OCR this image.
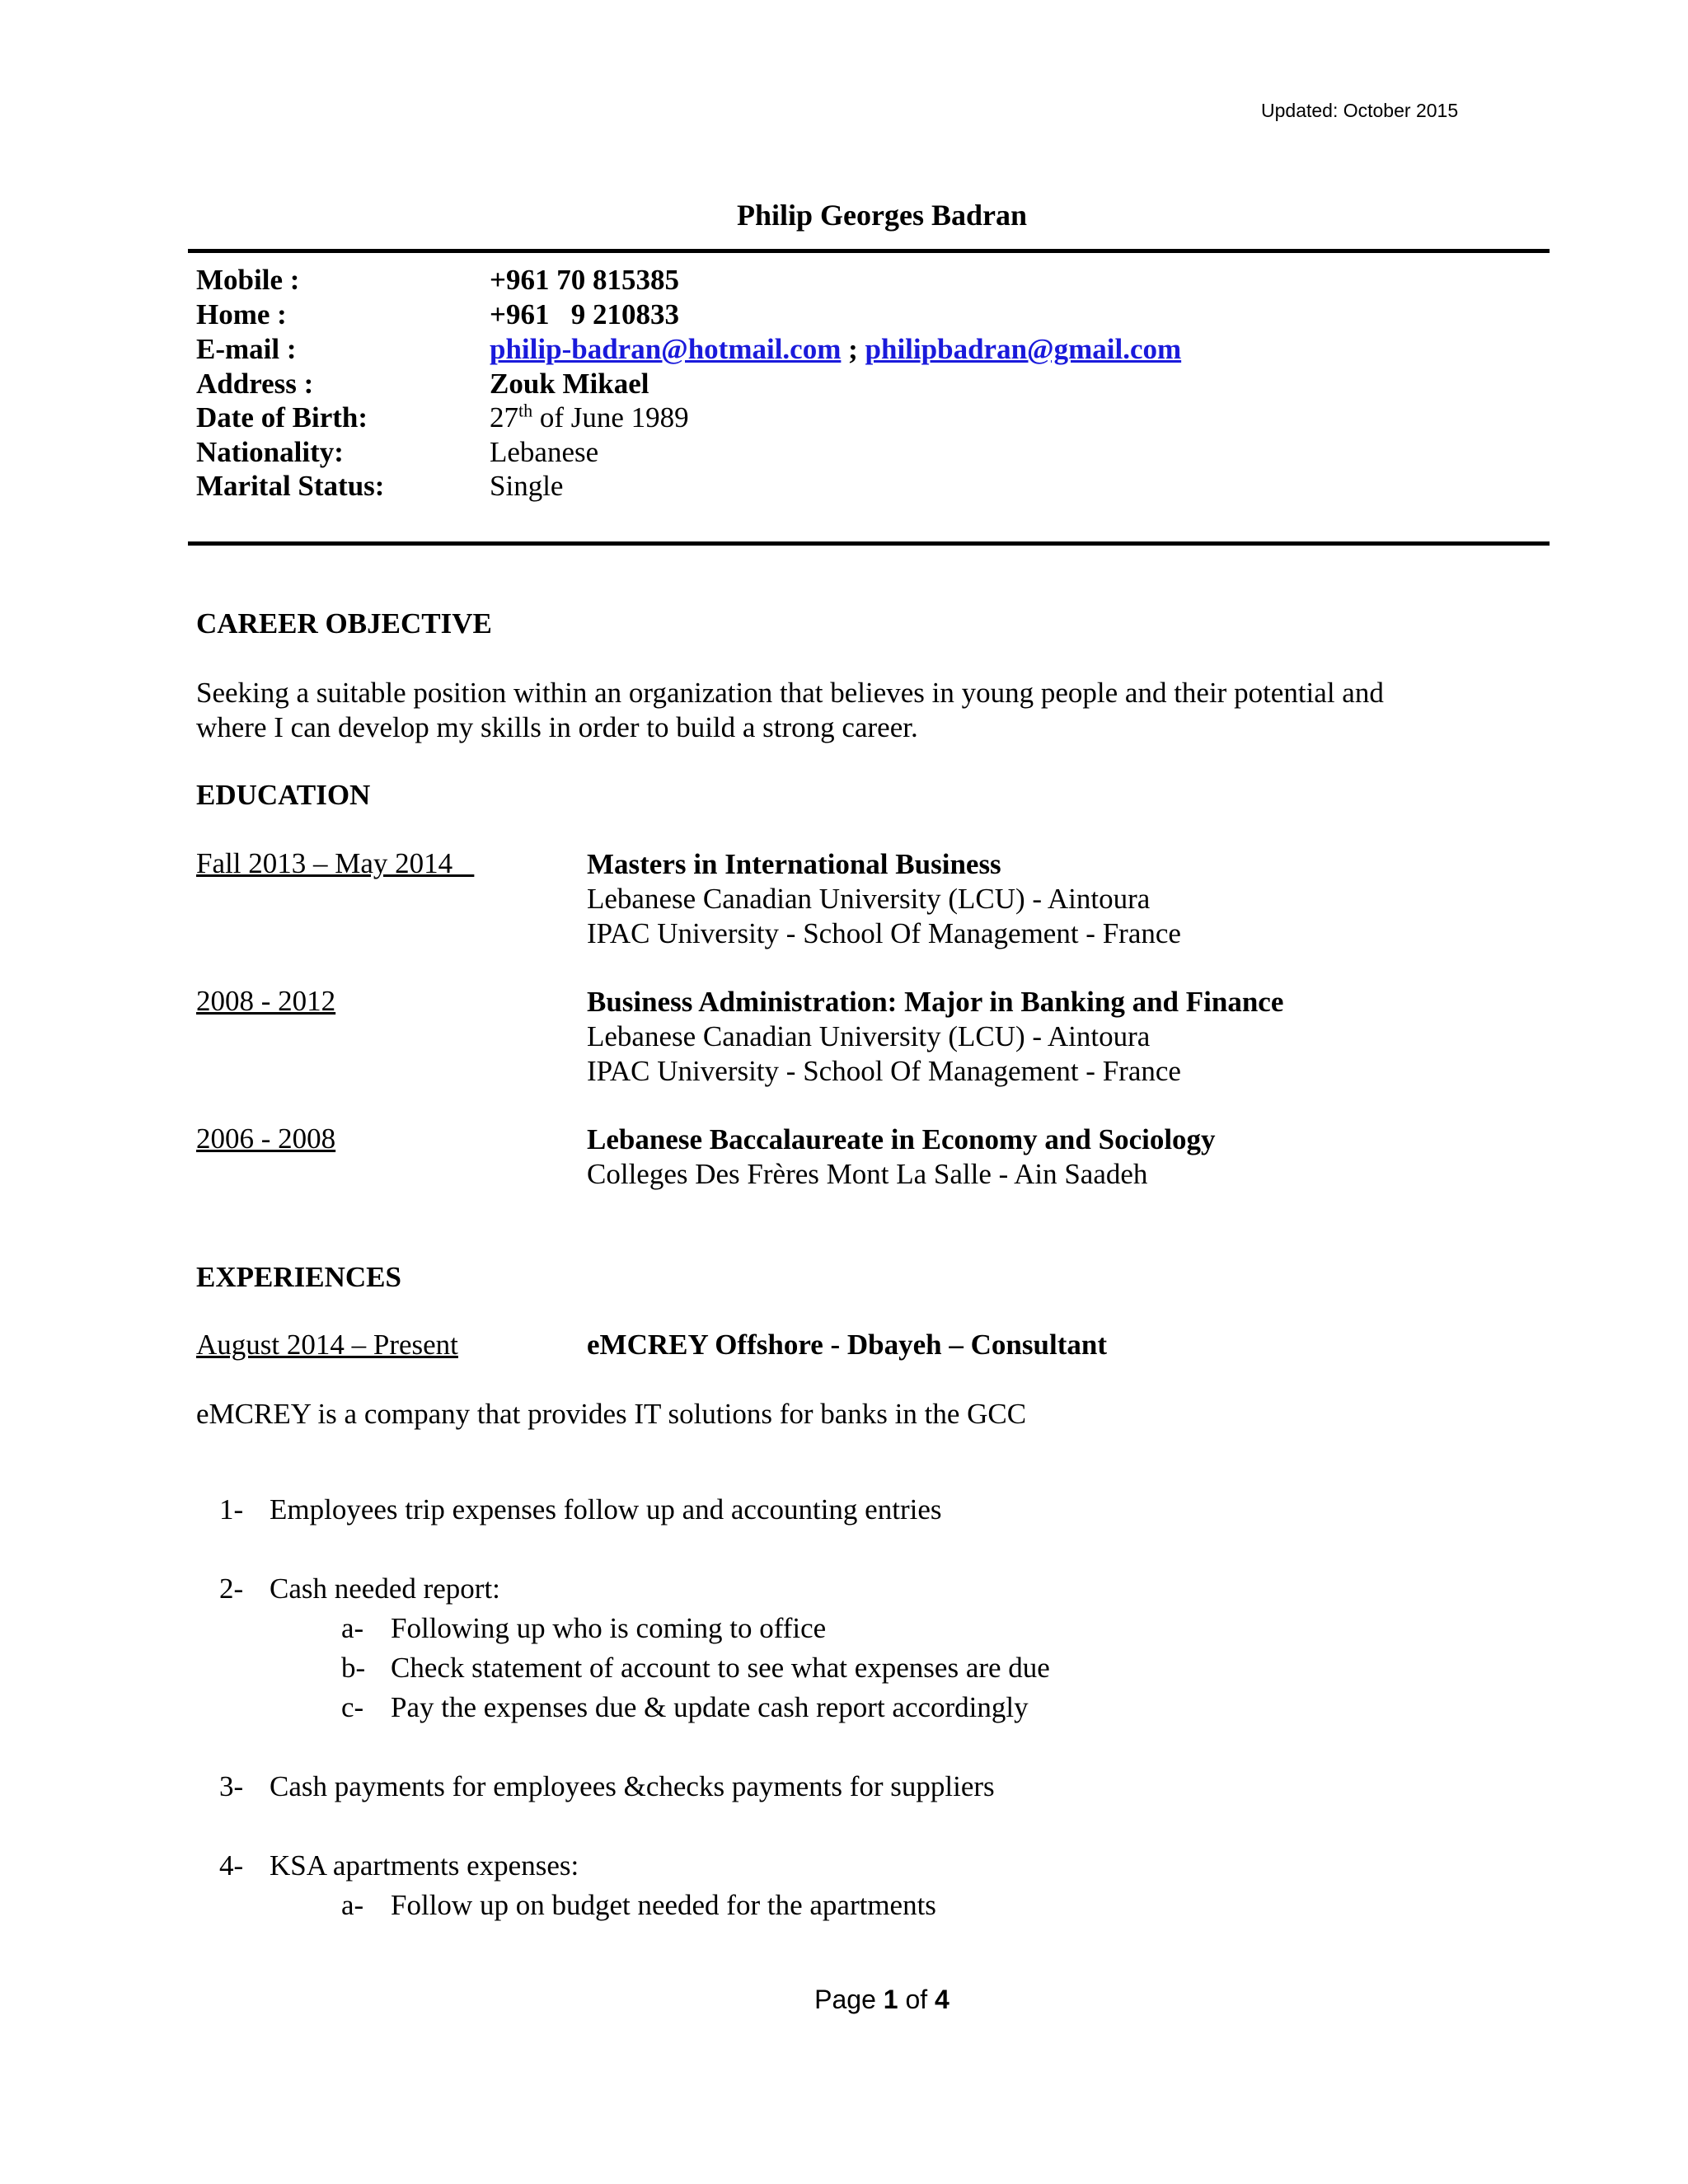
Updated: October 2015
Philip Georges Badran
Mobile :	+961 70 815385
Home :	+961   9 210833
E-mail :	philip-badran@hotmail.com ; philipbadran@gmail.com
Address :	Zouk Mikael
Date of Birth:	27th of June 1989
Nationality:	Lebanese
Marital Status:	Single
CAREER OBJECTIVE
Seeking a suitable position within an organization that believes in young people and their potential and
where I can develop my skills in order to build a strong career.
EDUCATION
Fall 2013 – May 2014	Masters in International Business
Lebanese Canadian University (LCU) - Aintoura
IPAC University - School Of Management - France
2008 - 2012	Business Administration: Major in Banking and Finance
Lebanese Canadian University (LCU) - Aintoura
IPAC University - School Of Management - France
2006 - 2008	Lebanese Baccalaureate in Economy and Sociology
Colleges Des Frères Mont La Salle - Ain Saadeh
EXPERIENCES
August 2014 – Present	eMCREY Offshore - Dbayeh – Consultant
eMCREY is a company that provides IT solutions for banks in the GCC
1- Employees trip expenses follow up and accounting entries
2- Cash needed report:
a- Following up who is coming to office
b- Check statement of account to see what expenses are due
c- Pay the expenses due & update cash report accordingly
3- Cash payments for employees &checks payments for suppliers
4- KSA apartments expenses:
a- Follow up on budget needed for the apartments
Page 1 of 4
